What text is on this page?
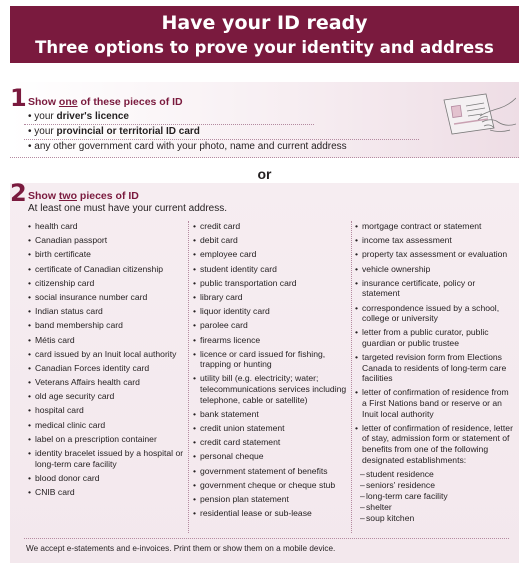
Have your ID ready
Three options to prove your identity and address
1 Show one of these pieces of ID
• your driver's licence
• your provincial or territorial ID card
• any other government card with your photo, name and current address
or
2 Show two pieces of ID
At least one must have your current address.
• health card
• Canadian passport
• birth certificate
• certificate of Canadian citizenship
• citizenship card
• social insurance number card
• Indian status card
• band membership card
• Métis card
• card issued by an Inuit local authority
• Canadian Forces identity card
• Veterans Affairs health card
• old age security card
• hospital card
• medical clinic card
• label on a prescription container
• identity bracelet issued by a hospital or long-term care facility
• blood donor card
• CNIB card
• credit card
• debit card
• employee card
• student identity card
• public transportation card
• library card
• liquor identity card
• parolee card
• firearms licence
• licence or card issued for fishing, trapping or hunting
• utility bill (e.g. electricity; water; telecommunications services including telephone, cable or satellite)
• bank statement
• credit union statement
• credit card statement
• personal cheque
• government statement of benefits
• government cheque or cheque stub
• pension plan statement
• residential lease or sub-lease
• mortgage contract or statement
• income tax assessment
• property tax assessment or evaluation
• vehicle ownership
• insurance certificate, policy or statement
• correspondence issued by a school, college or university
• letter from a public curator, public guardian or public trustee
• targeted revision form from Elections Canada to residents of long-term care facilities
• letter of confirmation of residence from a First Nations band or reserve or an Inuit local authority
• letter of confirmation of residence, letter of stay, admission form or statement of benefits from one of the following designated establishments:
– student residence
– seniors' residence
– long-term care facility
– shelter
– soup kitchen
We accept e-statements and e-invoices. Print them or show them on a mobile device.
